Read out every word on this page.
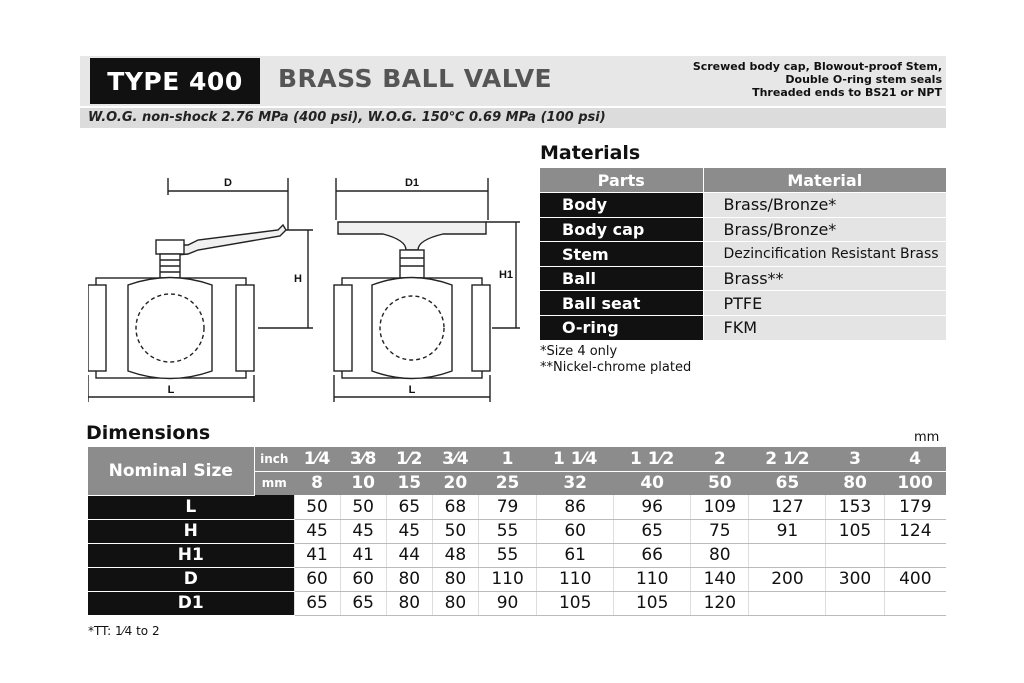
TYPE 400	BRASS BALL VALVE	Screwed body cap, Blowout-proof Stem,
Double O-ring stem seals
Threaded ends to BS21 or NPT
W.O.G. non-shock 2.76 MPa (400 psi), W.O.G. 150℃ 0.69 MPa (100 psi)
D
H
L
D1
H1
L
Materials
Parts	Material
Body	Brass/Bronze*
Body cap	Brass/Bronze*
Stem	Dezincification Resistant Brass
Ball	Brass**
Ball seat	PTFE
O-ring	FKM
*Size 4 only
**Nickel-chrome plated
Dimensions	mm
Nominal Size	inch	1⁄4	3⁄8	1⁄2	3⁄4	1	1 1⁄4	1 1⁄2	2	2 1⁄2	3	4
	mm	8	10	15	20	25	32	40	50	65	80	100
L		50	50	65	68	79	86	96	109	127	153	179
H		45	45	45	50	55	60	65	75	91	105	124
H1		41	41	44	48	55	61	66	80			
D		60	60	80	80	110	110	110	140	200	300	400
D1		65	65	80	80	90	105	105	120			
*TT: 1⁄4 to 2
